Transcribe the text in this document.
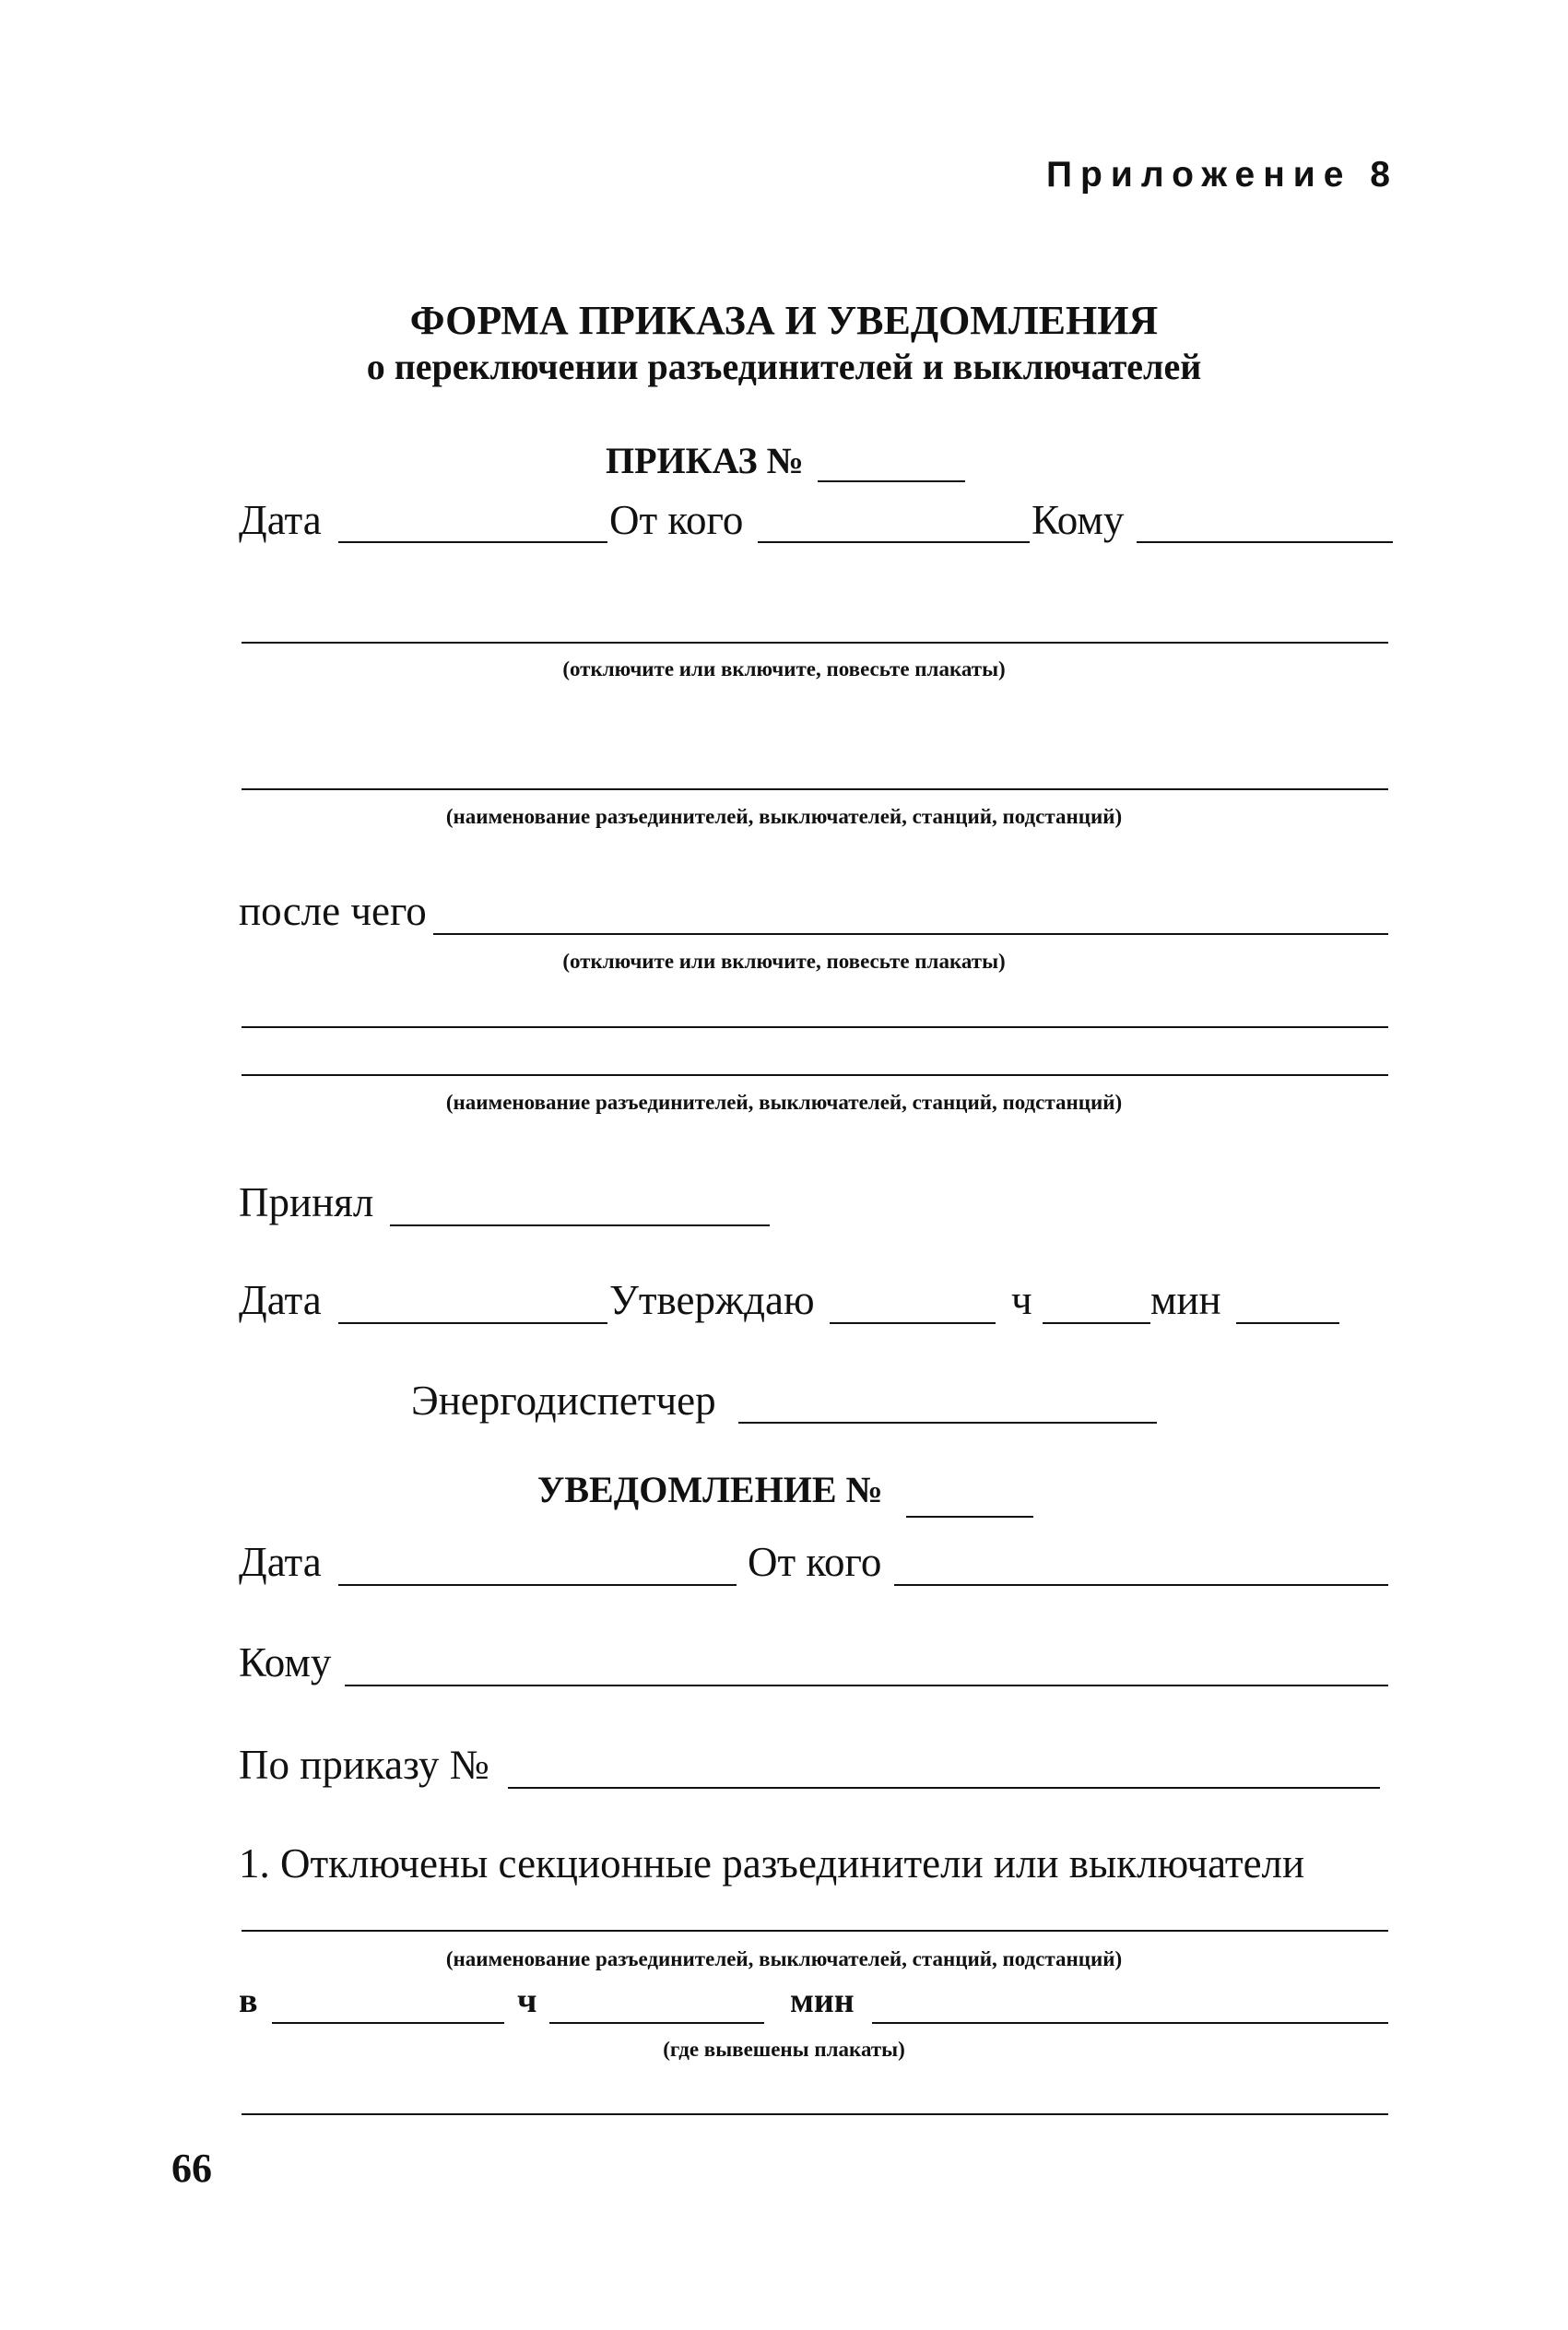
Приложение 8
ФОРМА ПРИКАЗА И УВЕДОМЛЕНИЯ
о переключении разъединителей и выключателей
ПРИКАЗ №
Дата	От кого	Кому
(отключите или включите, повесьте плакаты)
(наименование разъединителей, выключателей, станций, подстанций)
после чего
(отключите или включите, повесьте плакаты)
(наименование разъединителей, выключателей, станций, подстанций)
Принял
Дата	Утверждаю	ч	мин
Энергодиспетчер
УВЕДОМЛЕНИЕ №
Дата	От кого
Кому
По приказу №
1. Отключены секционные разъединители или выключатели
(наименование разъединителей, выключателей, станций, подстанций)
в	ч	мин
(где вывешены плакаты)
66
